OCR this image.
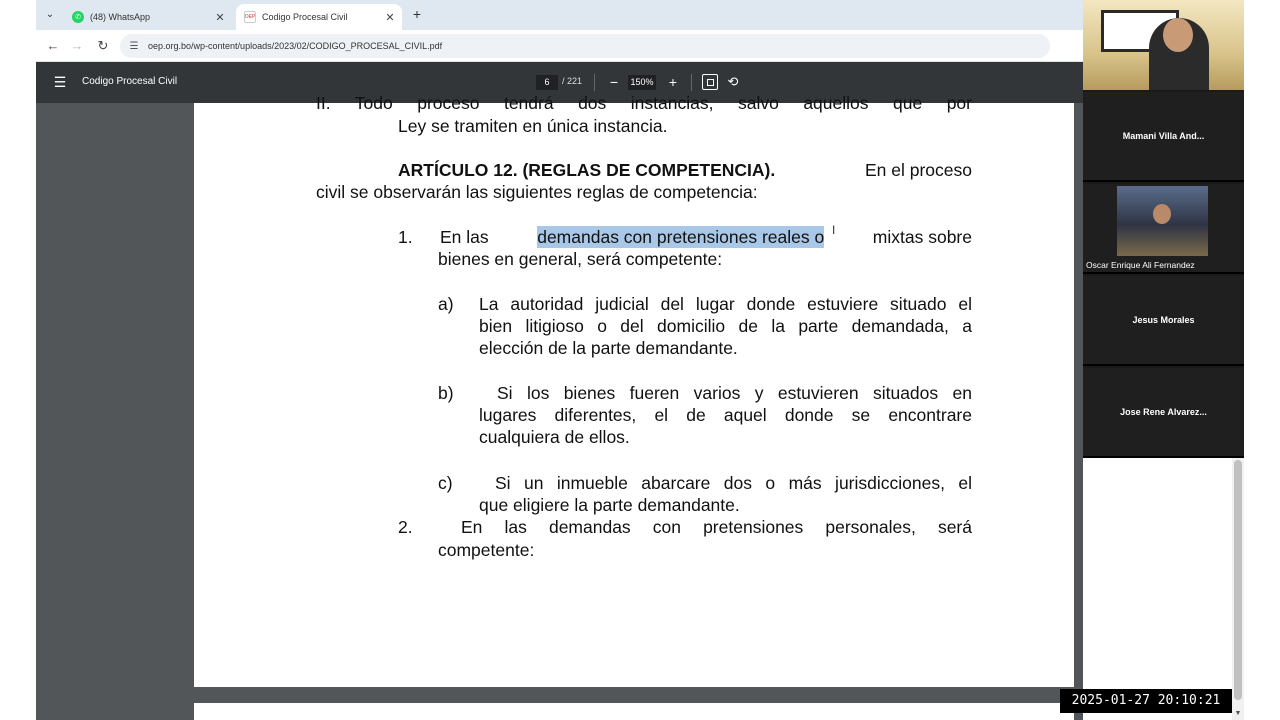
⌄	✆	(48) WhatsApp	✕	OEP Codigo Procesal Civil	✕	+
← → ↻	☰	oep.org.bo/wp-content/uploads/2023/02/CODIGO_PROCESAL_CIVIL.pdf
☰ Codigo Procesal Civil	6	/ 221 −	150% +	⟲
II. Todo proceso tendrá dos instancias, salvo aquellos que por
Ley se tramiten en única instancia.
ARTÍCULO 12. (REGLAS DE COMPETENCIA).	En el proceso
civil se observarán las siguientes reglas de competencia:
1. En las	demandas con pretensiones reales o	mixtas sobre
bienes en general, será competente:
a) La autoridad judicial del lugar donde estuviere situado el
bien litigioso o del domicilio de la parte demandada, a
elección de la parte demandante.
b) Si los bienes fueren varios y estuvieren situados en
lugares diferentes, el de aquel donde se encontrare
cualquiera de ellos.
c) Si un inmueble abarcare dos o más jurisdicciones, el
que eligiere la parte demandante.
2.	En las demandas con pretensiones personales, será
competente:
I
Mamani Villa And...
Oscar Enrique Ali Fernandez
Jesus Morales
Jose Rene Alvarez...
▼
2025-01-27 20:10:21
